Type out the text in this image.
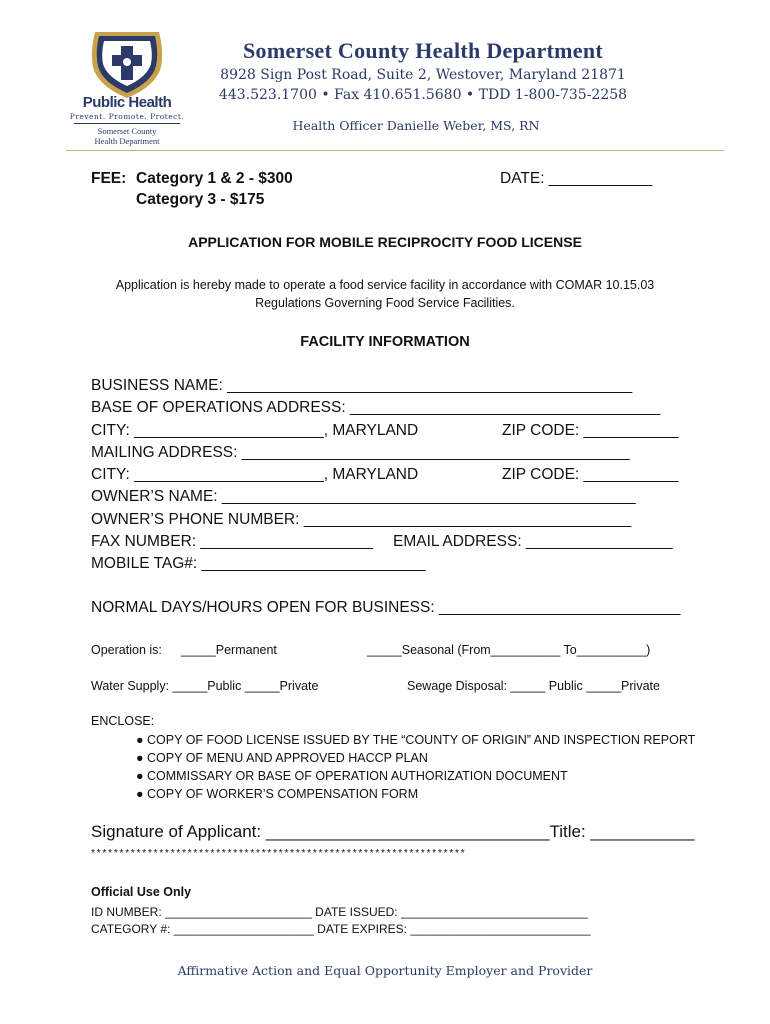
Public Health
Prevent. Promote. Protect.
Somerset County
Health Department
Somerset County Health Department
8928 Sign Post Road, Suite 2, Westover, Maryland 21871
443.523.1700 • Fax 410.651.5680 • TDD 1-800-735-2258
Health Officer Danielle Weber, MS, RN
FEE: Category 1 & 2 - $300
Category 3 - $175
DATE: ____________
APPLICATION FOR MOBILE RECIPROCITY FOOD LICENSE
Application is hereby made to operate a food service facility in accordance with COMAR 10.15.03
Regulations Governing Food Service Facilities.
FACILITY INFORMATION
BUSINESS NAME: _______________________________________________
BASE OF OPERATIONS ADDRESS: ____________________________________
CITY: ______________________, MARYLAND	ZIP CODE: ___________
MAILING ADDRESS: _____________________________________________
CITY: ______________________, MARYLAND	ZIP CODE: ___________
OWNER’S NAME: ________________________________________________
OWNER’S PHONE NUMBER: ______________________________________
FAX NUMBER: ____________________ EMAIL ADDRESS: _________________
MOBILE TAG#: __________________________
NORMAL DAYS/HOURS OPEN FOR BUSINESS: ____________________________
Operation is: _____Permanent	_____Seasonal (From__________ To__________)
Water Supply: _____Public _____Private	Sewage Disposal: _____ Public _____Private
ENCLOSE:
● COPY OF FOOD LICENSE ISSUED BY THE “COUNTY OF ORIGIN” AND INSPECTION REPORT
● COPY OF MENU AND APPROVED HACCP PLAN
● COMMISSARY OR BASE OF OPERATION AUTHORIZATION DOCUMENT
● COPY OF WORKER’S COMPENSATION FORM
Signature of Applicant: ______________________________Title: ___________
******************************************************************
Official Use Only
ID NUMBER: ______________________ DATE ISSUED: ____________________________
CATEGORY #: _____________________ DATE EXPIRES: ___________________________
Affirmative Action and Equal Opportunity Employer and Provider
